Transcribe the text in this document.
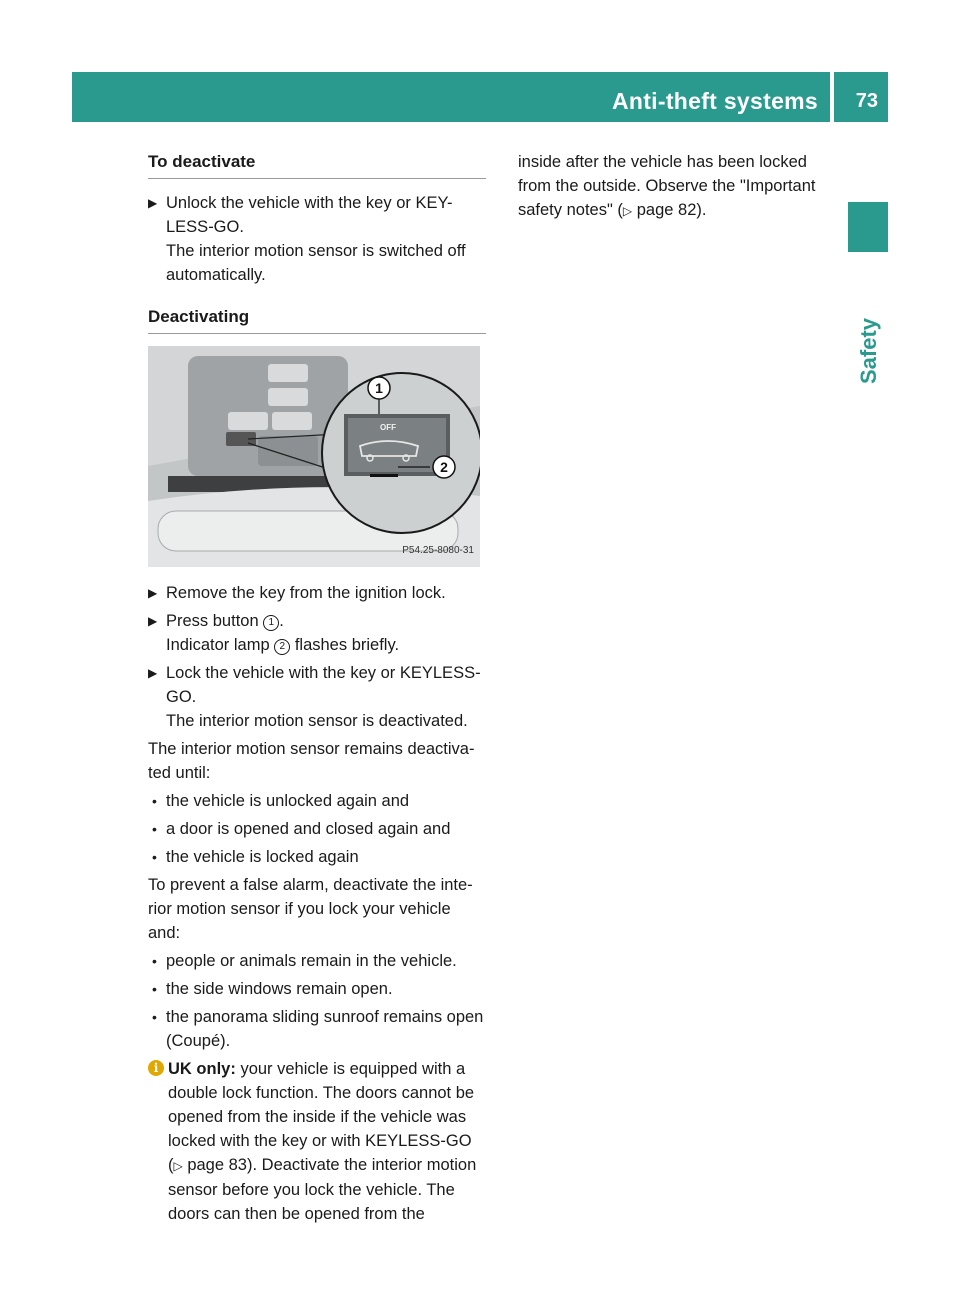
Anti-theft systems 73
Safety
To deactivate
▶ Unlock the vehicle with the key or KEY-LESS-GO.
The interior motion sensor is switched off automatically.
Deactivating
1
2
OFF
P54.25-8080-31
▶ Remove the key from the ignition lock.
▶ Press button 1 .
Indicator lamp 2 flashes briefly.
▶ Lock the vehicle with the key or KEYLESS-GO.
The interior motion sensor is deactivated.
The interior motion sensor remains deactiva-ted until:
• the vehicle is unlocked again and
• a door is opened and closed again and
• the vehicle is locked again
To prevent a false alarm, deactivate the inte-rior motion sensor if you lock your vehicle and:
• people or animals remain in the vehicle.
• the side windows remain open.
• the panorama sliding sunroof remains open (Coupé).
i UK only: your vehicle is equipped with a double lock function. The doors cannot be opened from the inside if the vehicle was locked with the key or with KEYLESS-GO (▷ page 83). Deactivate the interior motion sensor before you lock the vehicle. The doors can then be opened from the
inside after the vehicle has been locked from the outside. Observe the "Important safety notes" (▷ page 82).
